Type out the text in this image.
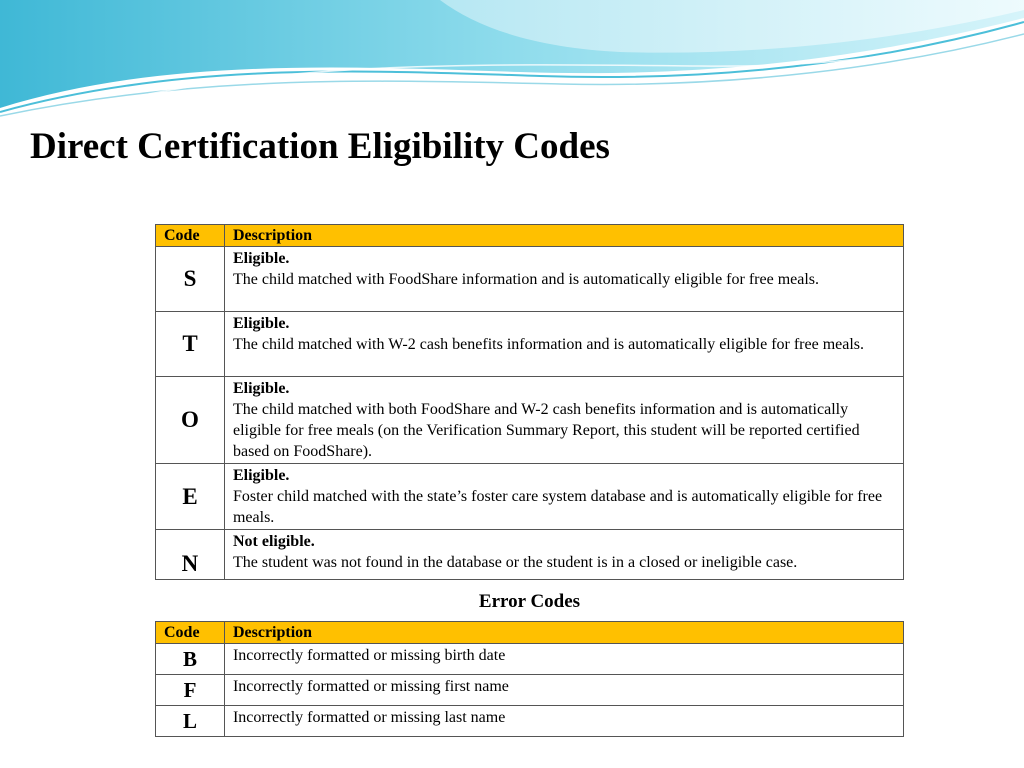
Direct Certification Eligibility Codes
Code	Description
S	Eligible.
The child matched with FoodShare information and is automatically eligible for free meals.
T	Eligible.
The child matched with W-2 cash benefits information and is automatically eligible for free meals.
O	Eligible.
The child matched with both FoodShare and W-2 cash benefits information and is automatically eligible for free meals (on the Verification Summary Report, this student will be reported certified based on FoodShare).
E	Eligible.
Foster child matched with the state’s foster care system database and is automatically eligible for free meals.
N	Not eligible.
The student was not found in the database or the student is in a closed or ineligible case.
Error Codes
Code	Description
B	Incorrectly formatted or missing birth date
F	Incorrectly formatted or missing first name
L	Incorrectly formatted or missing last name
